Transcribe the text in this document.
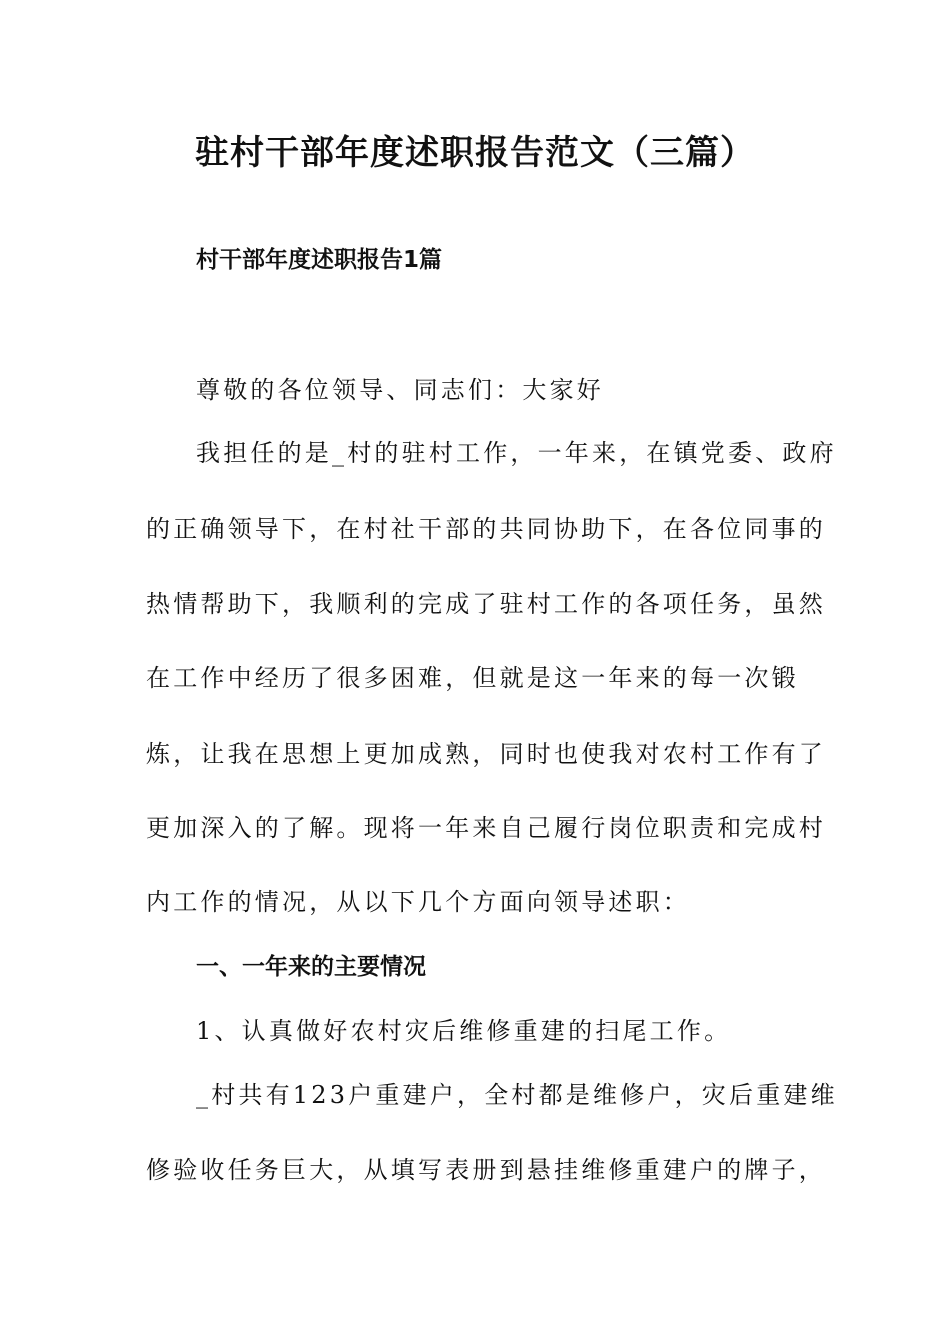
驻村干部年度述职报告范文（三篇）
村干部年度述职报告1篇

尊敬的各位领导、同志们：大家好

我担任的是_村的驻村工作，一年来，在镇党委、政府

的正确领导下，在村社干部的共同协助下，在各位同事的

热情帮助下，我顺利的完成了驻村工作的各项任务，虽然

在工作中经历了很多困难，但就是这一年来的每一次锻

炼，让我在思想上更加成熟，同时也使我对农村工作有了

更加深入的了解。现将一年来自己履行岗位职责和完成村

内工作的情况，从以下几个方面向领导述职：

一、一年来的主要情况

1、认真做好农村灾后维修重建的扫尾工作。

_村共有123户重建户，全村都是维修户，灾后重建维

修验收任务巨大，从填写表册到悬挂维修重建户的牌子，
